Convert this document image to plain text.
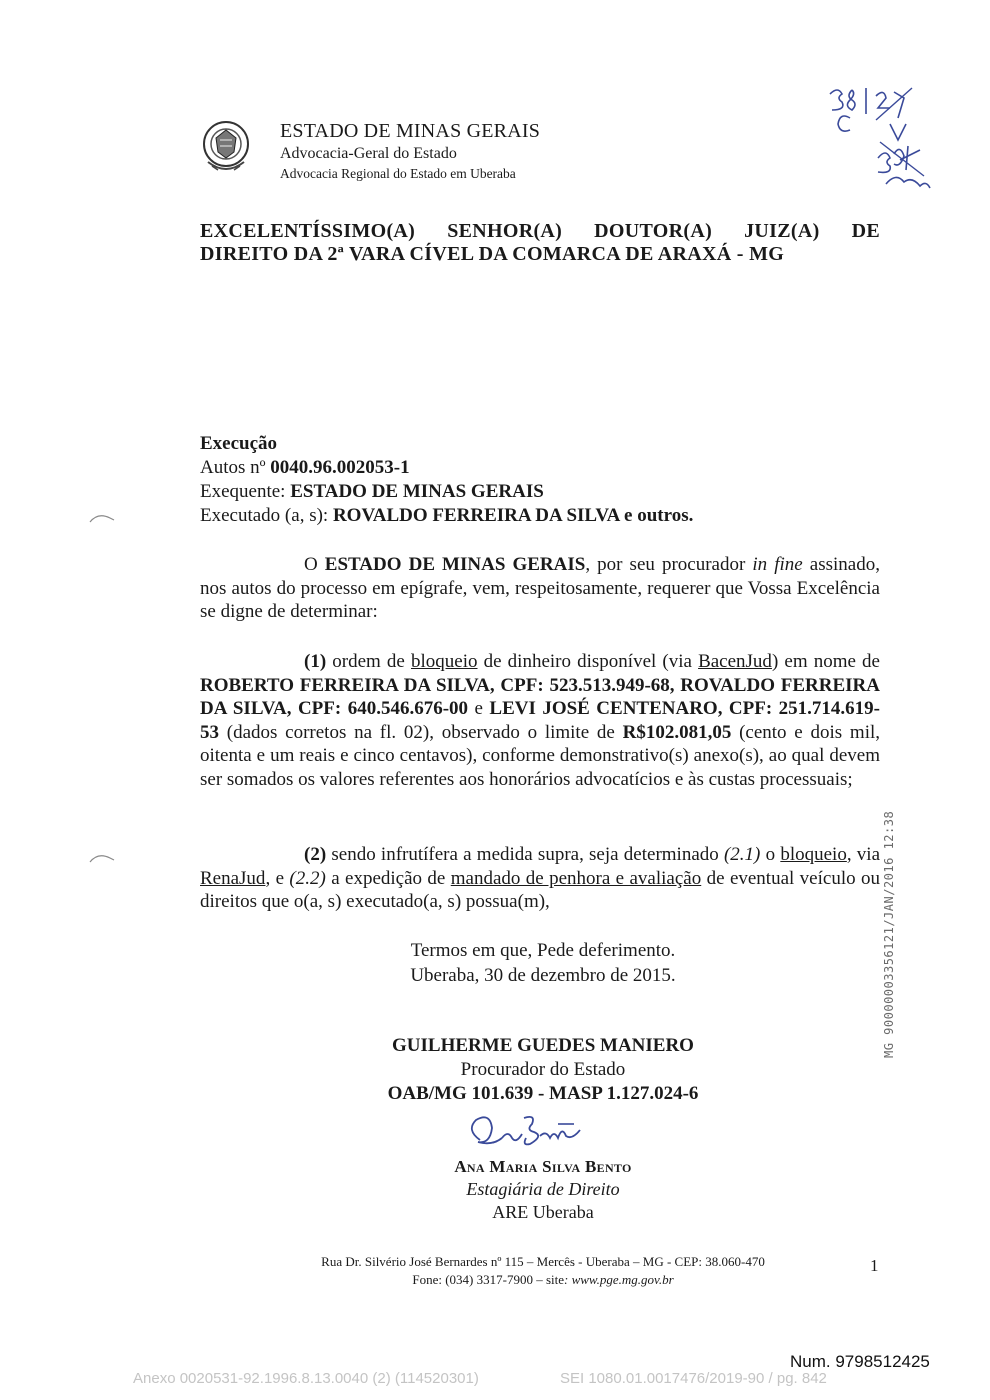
ESTADO DE MINAS GERAIS
Advocacia-Geral do Estado
Advocacia Regional do Estado em Uberaba
EXCELENTÍSSIMO(A) SENHOR(A) DOUTOR(A) JUIZ(A) DE
DIREITO DA 2ª VARA CÍVEL DA COMARCA DE ARAXÁ - MG
Execução
Autos nº 0040.96.002053-1
Exequente: ESTADO DE MINAS GERAIS
Executado (a, s): ROVALDO FERREIRA DA SILVA e outros.
O ESTADO DE MINAS GERAIS, por seu procurador in fine assinado, nos autos do processo em epígrafe, vem, respeitosamente, requerer que Vossa Excelência se digne de determinar:
(1) ordem de bloqueio de dinheiro disponível (via BacenJud) em nome de ROBERTO FERREIRA DA SILVA, CPF: 523.513.949-68, ROVALDO FERREIRA DA SILVA, CPF: 640.546.676-00 e LEVI JOSÉ CENTENARO, CPF: 251.714.619-53 (dados corretos na fl. 02), observado o limite de R$102.081,05 (cento e dois mil, oitenta e um reais e cinco centavos), conforme demonstrativo(s) anexo(s), ao qual devem ser somados os valores referentes aos honorários advocatícios e às custas processuais;
(2) sendo infrutífera a medida supra, seja determinado (2.1) o bloqueio, via RenaJud, e (2.2) a expedição de mandado de penhora e avaliação de eventual veículo ou direitos que o(a, s) executado(a, s) possua(m),
Termos em que, Pede deferimento.
Uberaba, 30 de dezembro de 2015.
GUILHERME GUEDES MANIERO
Procurador do Estado
OAB/MG 101.639 - MASP 1.127.024-6
Ana Maria Silva Bento
Estagiária de Direito
ARE Uberaba
Rua Dr. Silvério José Bernardes nº 115 – Mercês - Uberaba – MG - CEP: 38.060-470
Fone: (034) 3317-7900 – site: www.pge.mg.gov.br
1
MG 90000003356121/JAN/2016 12:38
Num. 9798512425
Anexo 0020531-92.1996.8.13.0040 (2) (114520301)	SEI 1080.01.0017476/2019-90 / pg. 842
